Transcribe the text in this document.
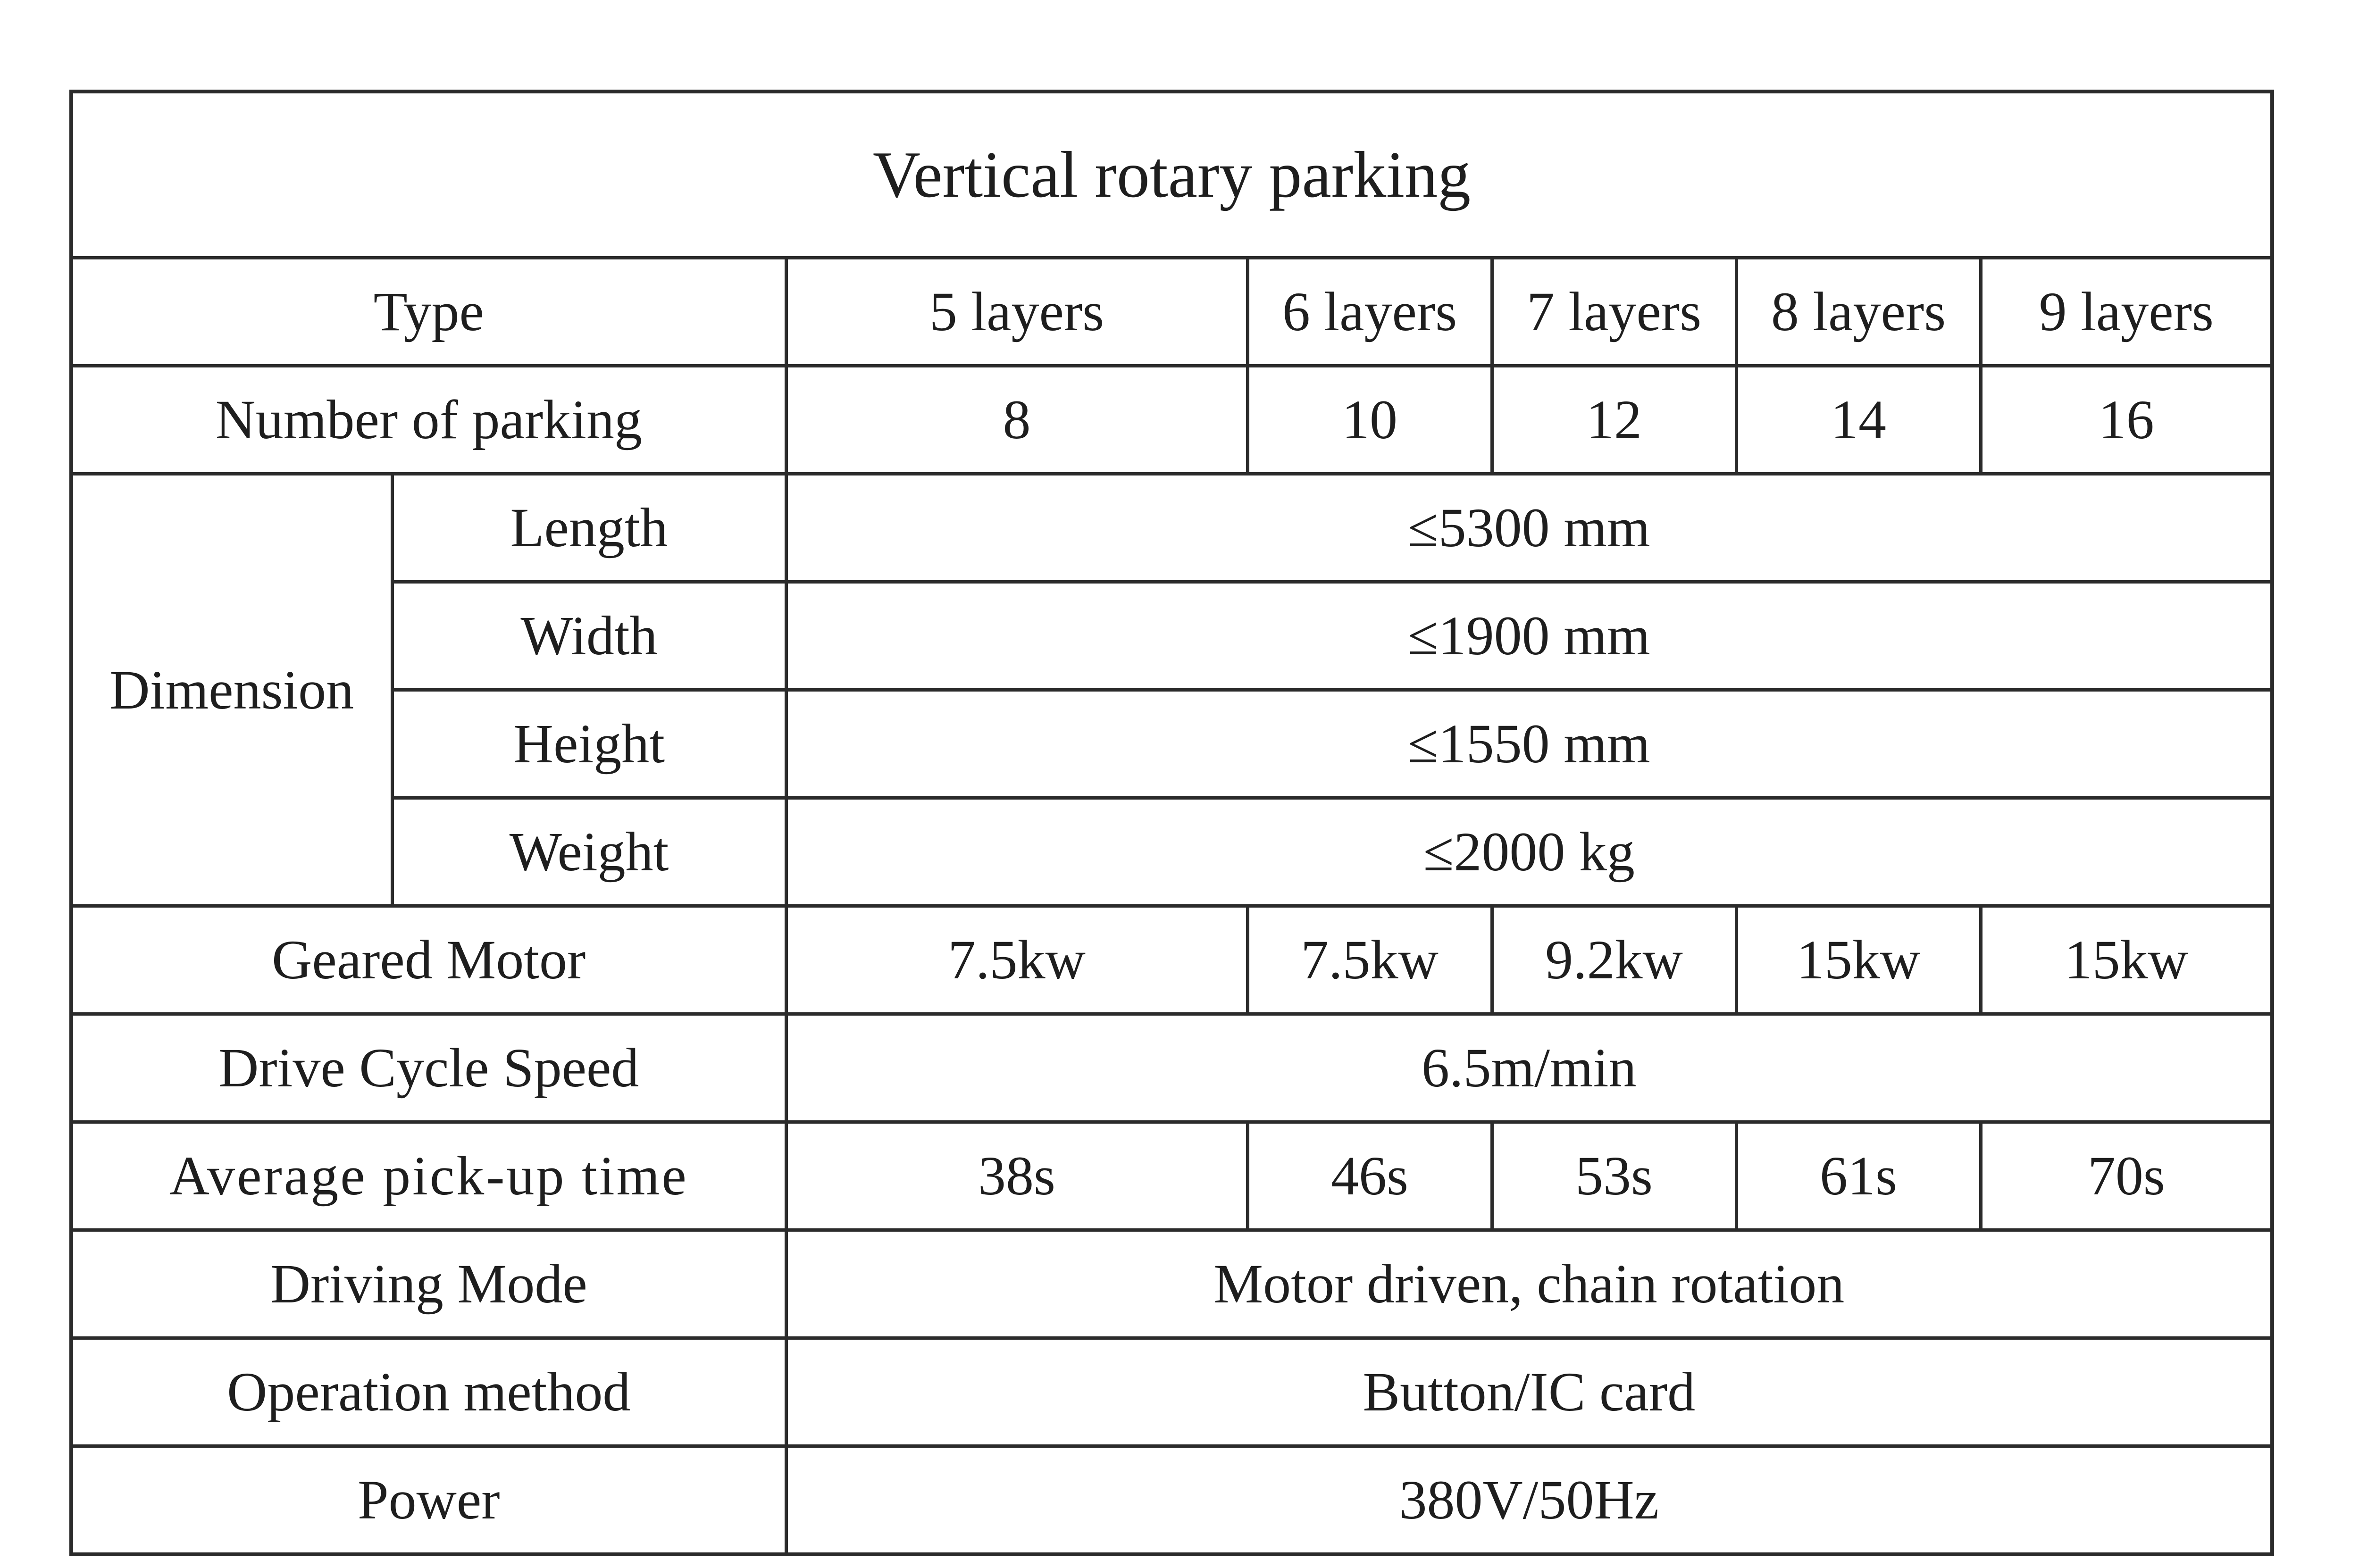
Vertical rotary parking						
Type		5 layers	6 layers	7 layers	8 layers	9 layers
Number of parking		8	10	12	14	16
Dimension	Length	≤5300 mm				
	Width	≤1900 mm				
	Height	≤1550 mm				
	Weight	≤2000 kg				
Geared Motor		7.5kw	7.5kw	9.2kw	15kw	15kw
Drive Cycle Speed		6.5m/min				
Average pick-up time		38s	46s	53s	61s	70s
Driving Mode		Motor driven, chain rotation				
Operation method		Button/IC card				
Power		380V/50Hz				
